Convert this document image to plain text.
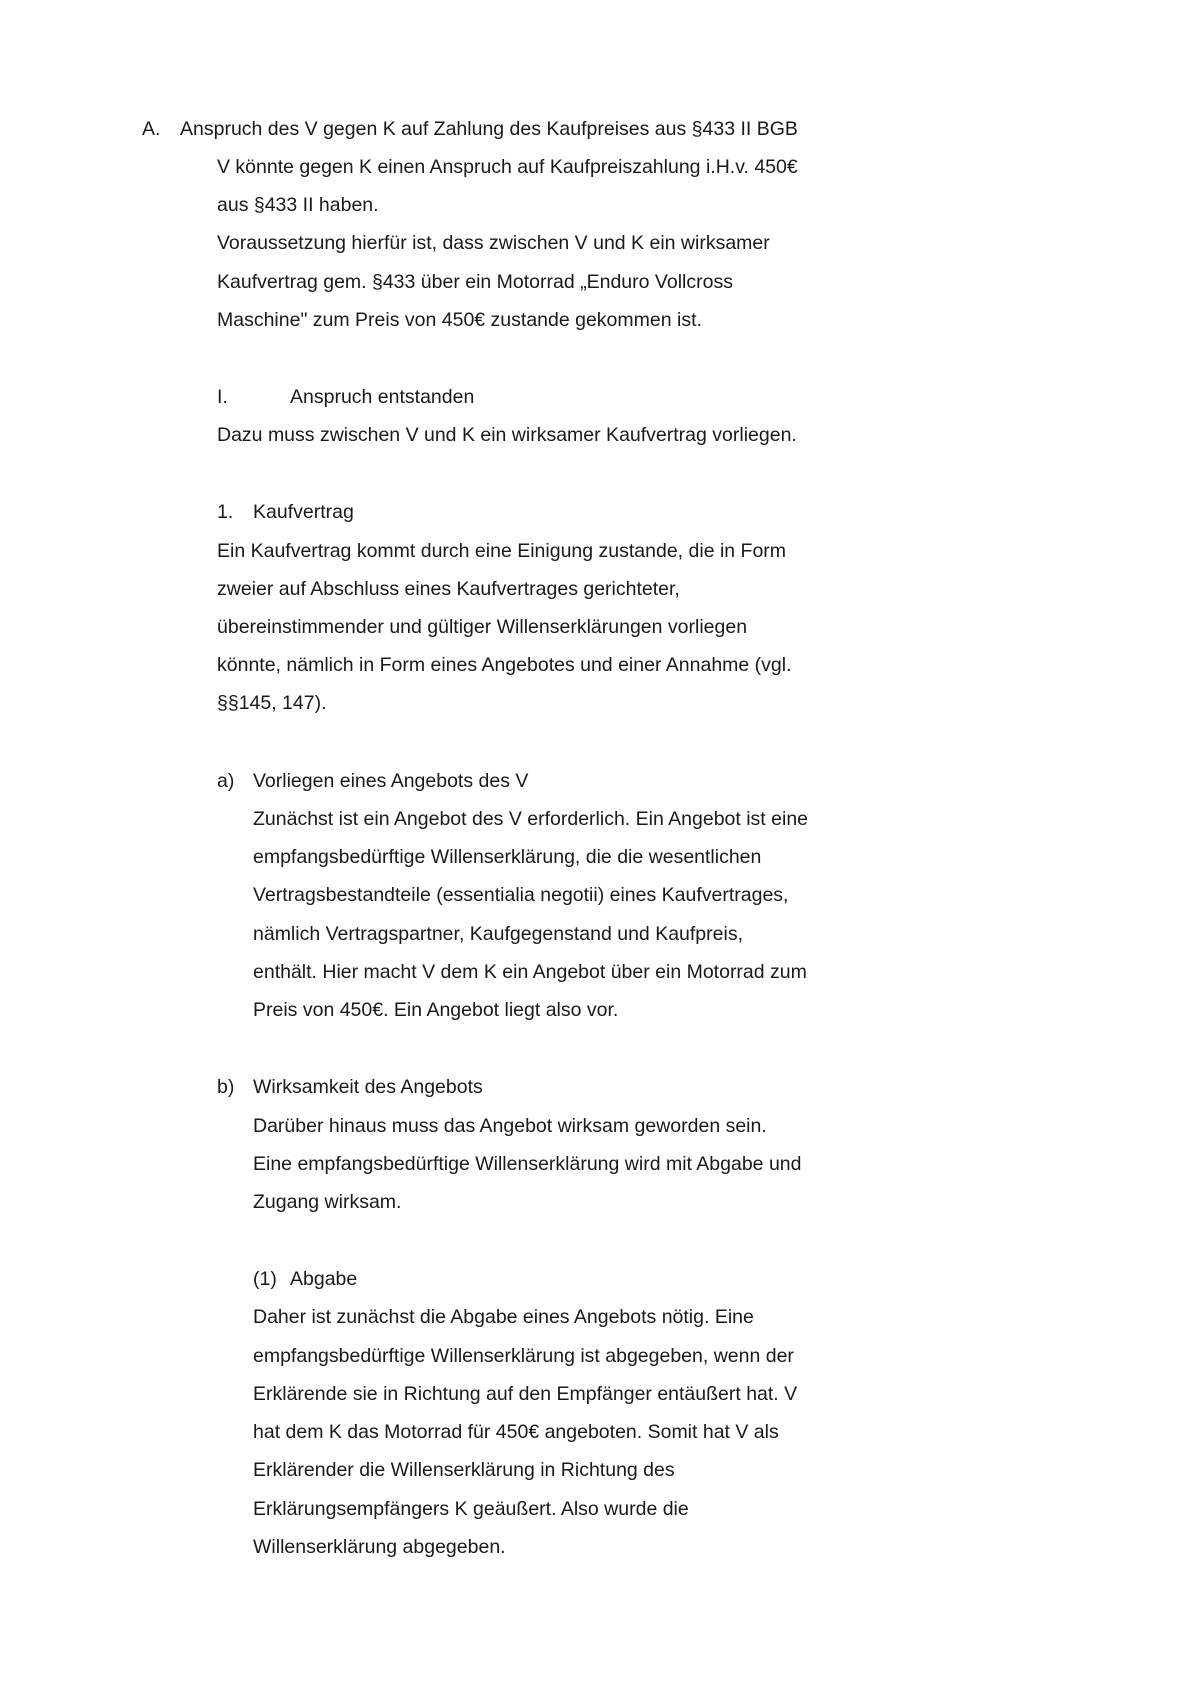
A. Anspruch des V gegen K auf Zahlung des Kaufpreises aus §433 II BGB
V könnte gegen K einen Anspruch auf Kaufpreiszahlung i.H.v. 450€
aus §433 II haben.
Voraussetzung hierfür ist, dass zwischen V und K ein wirksamer
Kaufvertrag gem. §433 über ein Motorrad „Enduro Vollcross
Maschine" zum Preis von 450€ zustande gekommen ist.
I.	Anspruch entstanden
Dazu muss zwischen V und K ein wirksamer Kaufvertrag vorliegen.
1. Kaufvertrag
Ein Kaufvertrag kommt durch eine Einigung zustande, die in Form
zweier auf Abschluss eines Kaufvertrages gerichteter,
übereinstimmender und gültiger Willenserklärungen vorliegen
könnte, nämlich in Form eines Angebotes und einer Annahme (vgl.
§§145, 147).
a) Vorliegen eines Angebots des V
Zunächst ist ein Angebot des V erforderlich. Ein Angebot ist eine
empfangsbedürftige Willenserklärung, die die wesentlichen
Vertragsbestandteile (essentialia negotii) eines Kaufvertrages,
nämlich Vertragspartner, Kaufgegenstand und Kaufpreis,
enthält. Hier macht V dem K ein Angebot über ein Motorrad zum
Preis von 450€. Ein Angebot liegt also vor.
b) Wirksamkeit des Angebots
Darüber hinaus muss das Angebot wirksam geworden sein.
Eine empfangsbedürftige Willenserklärung wird mit Abgabe und
Zugang wirksam.
(1) Abgabe
Daher ist zunächst die Abgabe eines Angebots nötig. Eine
empfangsbedürftige Willenserklärung ist abgegeben, wenn der
Erklärende sie in Richtung auf den Empfänger entäußert hat. V
hat dem K das Motorrad für 450€ angeboten. Somit hat V als
Erklärender die Willenserklärung in Richtung des
Erklärungsempfängers K geäußert. Also wurde die
Willenserklärung abgegeben.
